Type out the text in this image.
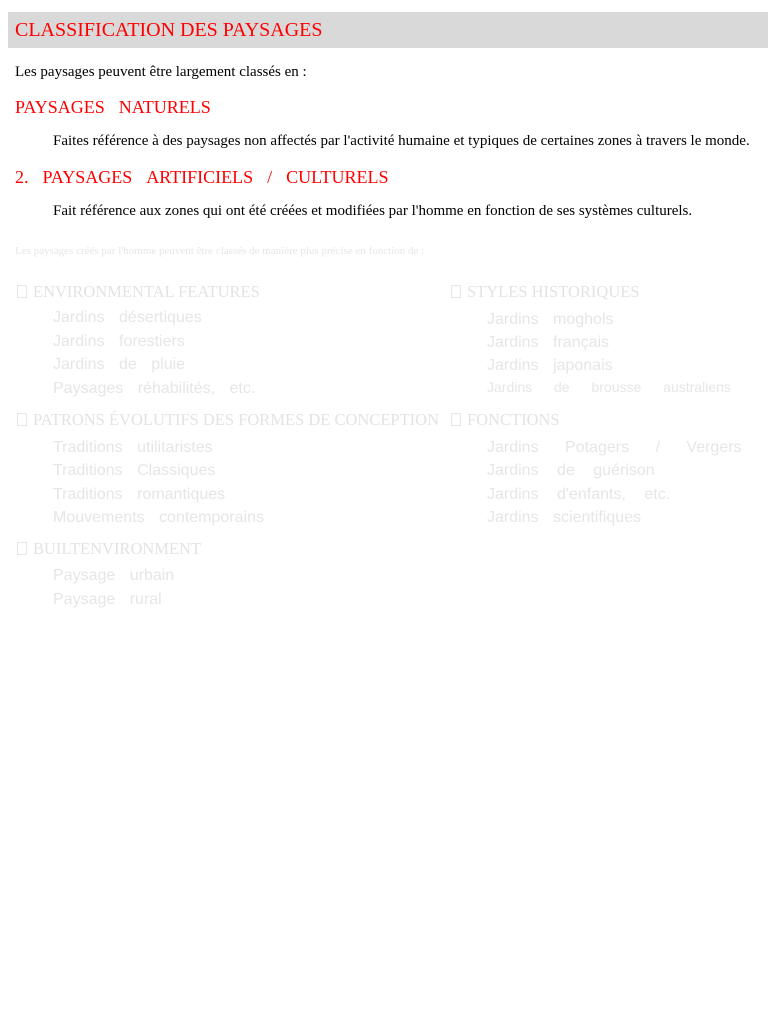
CLASSIFICATION DES PAYSAGES
Les paysages peuvent être largement classés en :
PAYSAGES NATURELS
Faites référence à des paysages non affectés par l'activité humaine et typiques de certaines zones à travers le monde.
2. PAYSAGES ARTIFICIELS / CULTURELS
Fait référence aux zones qui ont été créées et modifiées par l'homme en fonction de ses systèmes culturels.
Les paysages créés par l'homme peuvent être classés de manière plus précise en fonction de :
ENVIRONMENTAL FEATURES
Jardins désertiques
Jardins forestiers
Jardins de pluie
Paysages réhabilités, etc.
STYLES HISTORIQUES
Jardins moghols
Jardins français
Jardins japonais
Jardins de brousse australiens
PATRONS ÉVOLUTIFS DES FORMES DE CONCEPTION
Traditions utilitaristes
Traditions Classiques
Traditions romantiques
Mouvements contemporains
FONCTIONS
Jardins Potagers / Vergers
Jardins de guérison
Jardins d'enfants, etc.
Jardins scientifiques
BUILTENVIRONMENT
Paysage urbain
Paysage rural
